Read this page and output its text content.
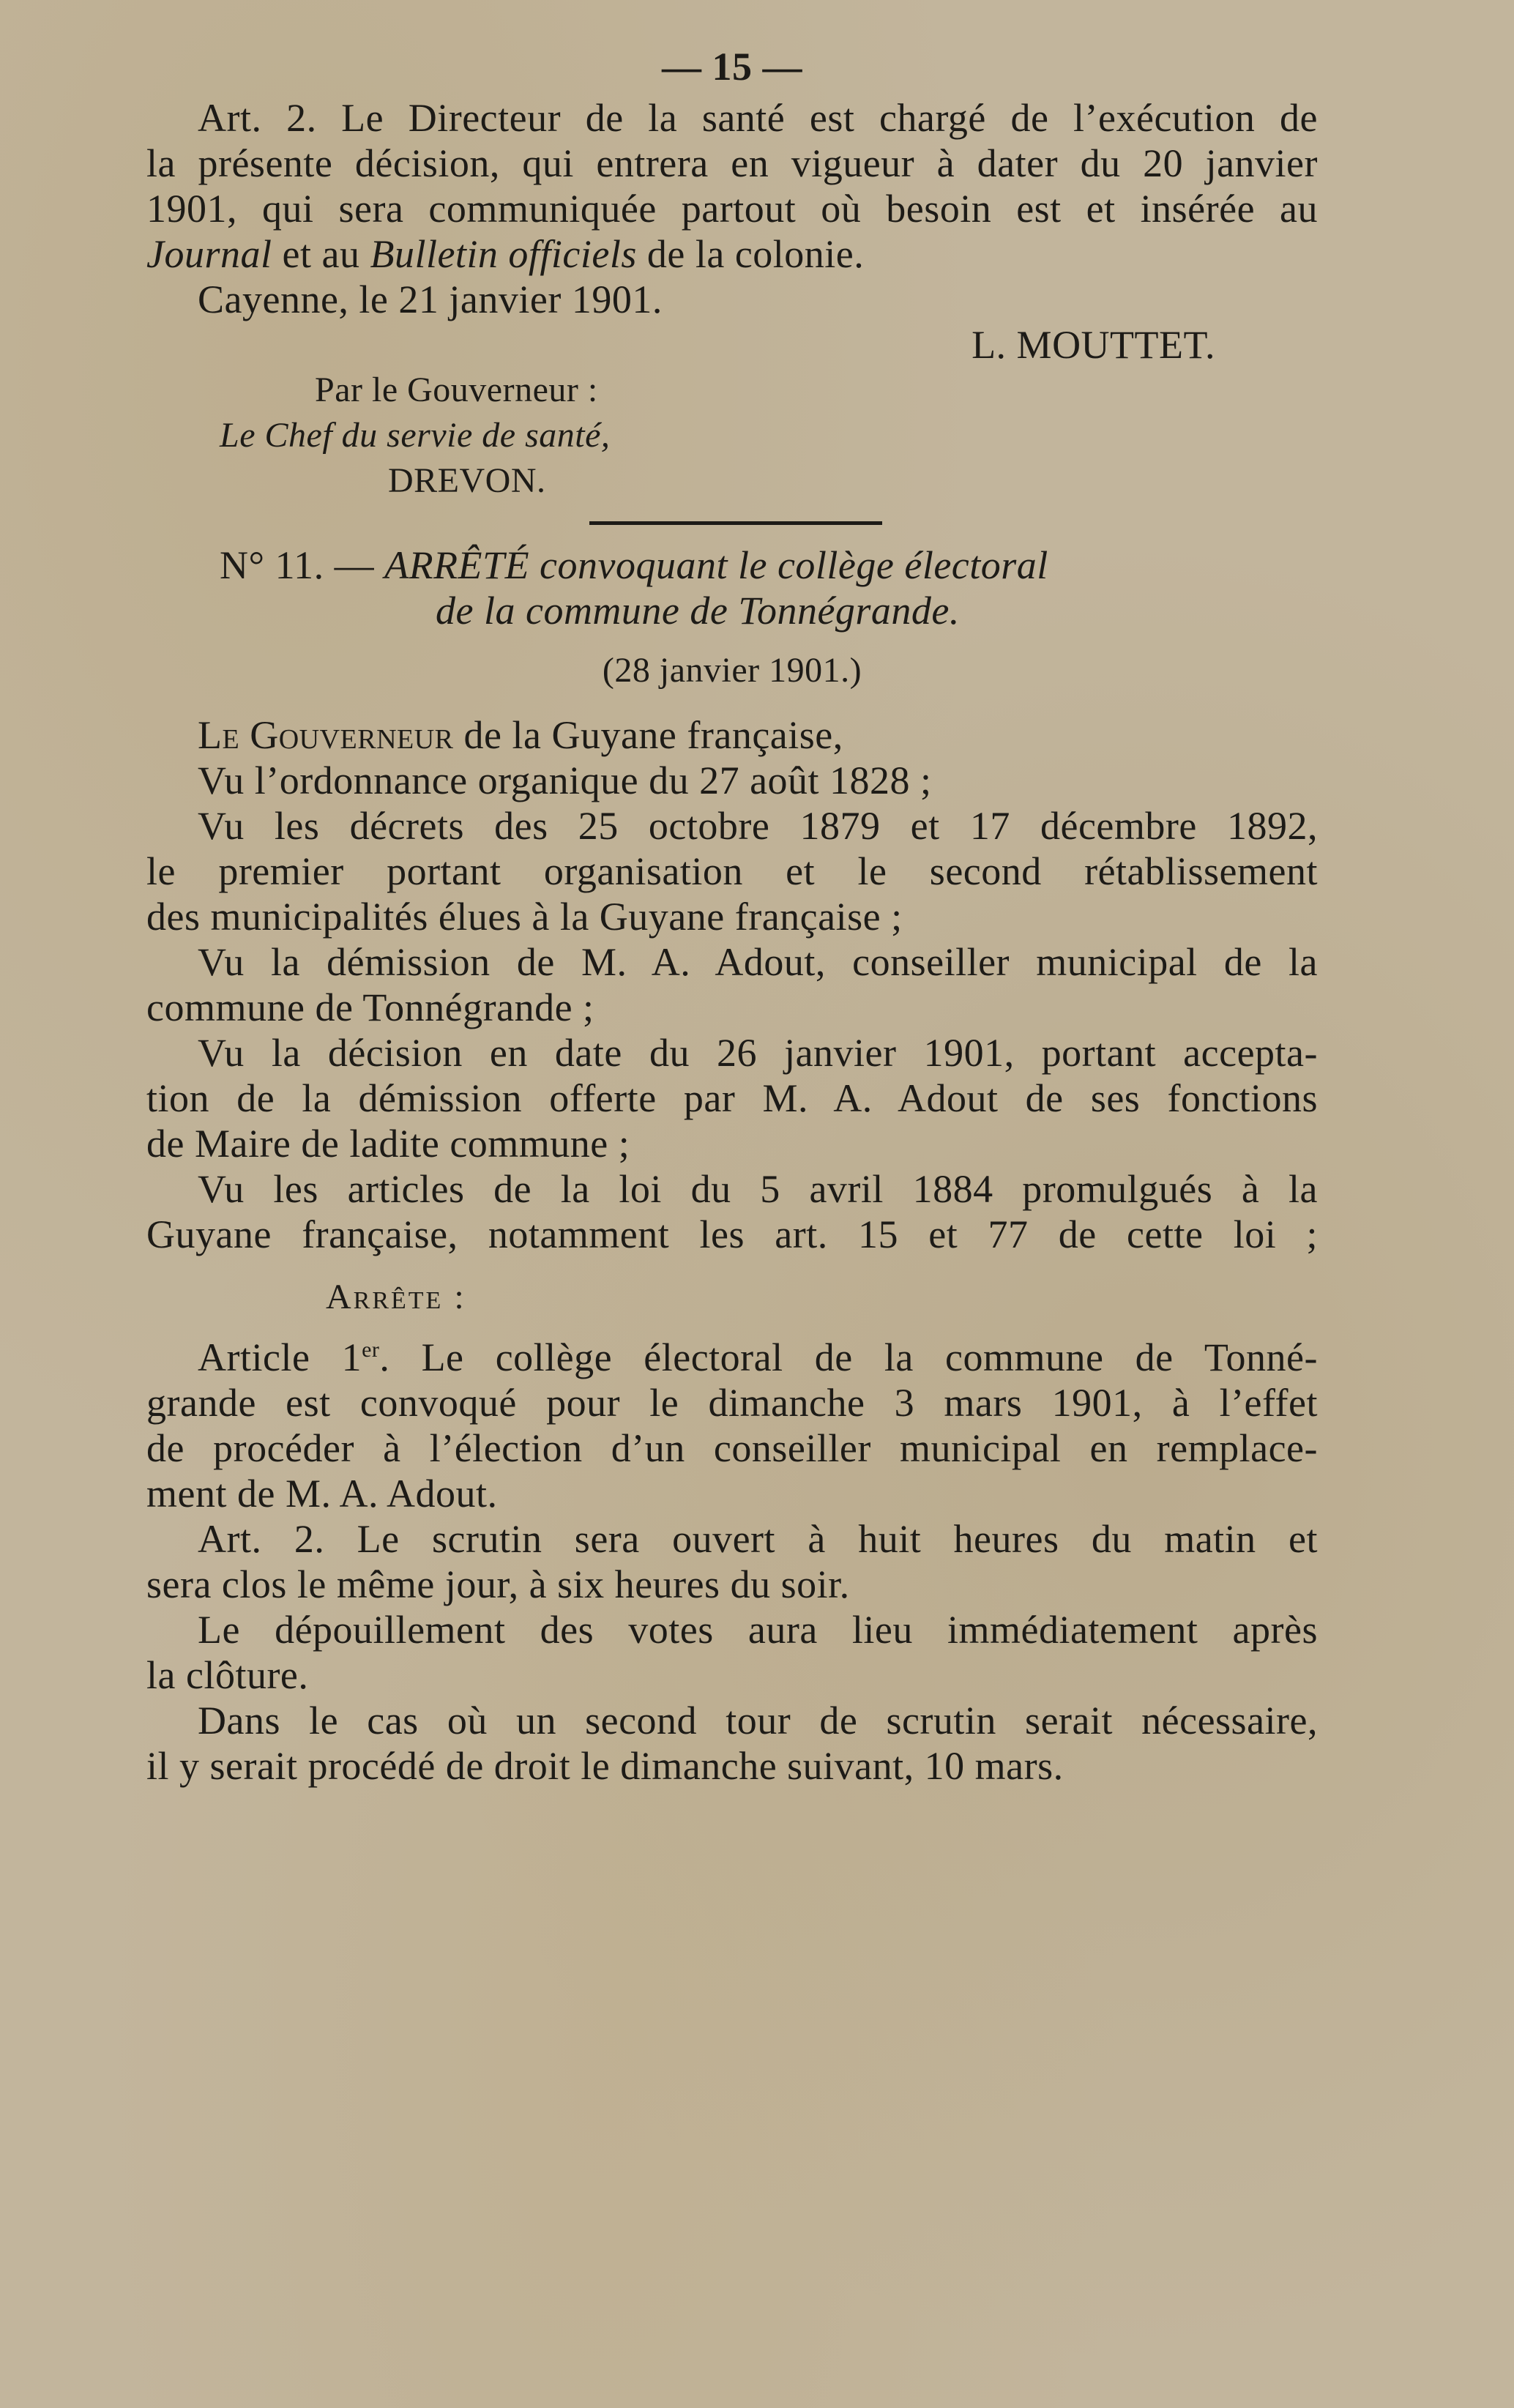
— 15 —
Art. 2. Le Directeur de la santé est chargé de l’exécution de
la présente décision, qui entrera en vigueur à dater du 20 janvier
1901, qui sera communiquée partout où besoin est et insérée au
Journal et au Bulletin officiels de la colonie.
Cayenne, le 21 janvier 1901.
L. MOUTTET.
Par le Gouverneur :
Le Chef du servie de santé,
DREVON.
N° 11. — ARRÊTÉ convoquant le collège électoral
de la commune de Tonnégrande.
(28 janvier 1901.)
Le Gouverneur de la Guyane française,
Vu l’ordonnance organique du 27 août 1828 ;
Vu les décrets des 25 octobre 1879 et 17 décembre 1892,
le premier portant organisation et le second rétablissement
des municipalités élues à la Guyane française ;
Vu la démission de M. A. Adout, conseiller municipal de la
commune de Tonnégrande ;
Vu la décision en date du 26 janvier 1901, portant accepta-
tion de la démission offerte par M. A. Adout de ses fonctions
de Maire de ladite commune ;
Vu les articles de la loi du 5 avril 1884 promulgués à la
Guyane française, notamment les art. 15 et 77 de cette loi ;
Arrête :
Article 1er. Le collège électoral de la commune de Tonné-
grande est convoqué pour le dimanche 3 mars 1901, à l’effet
de procéder à l’élection d’un conseiller municipal en remplace-
ment de M. A. Adout.
Art. 2. Le scrutin sera ouvert à huit heures du matin et
sera clos le même jour, à six heures du soir.
Le dépouillement des votes aura lieu immédiatement après
la clôture.
Dans le cas où un second tour de scrutin serait nécessaire,
il y serait procédé de droit le dimanche suivant, 10 mars.
